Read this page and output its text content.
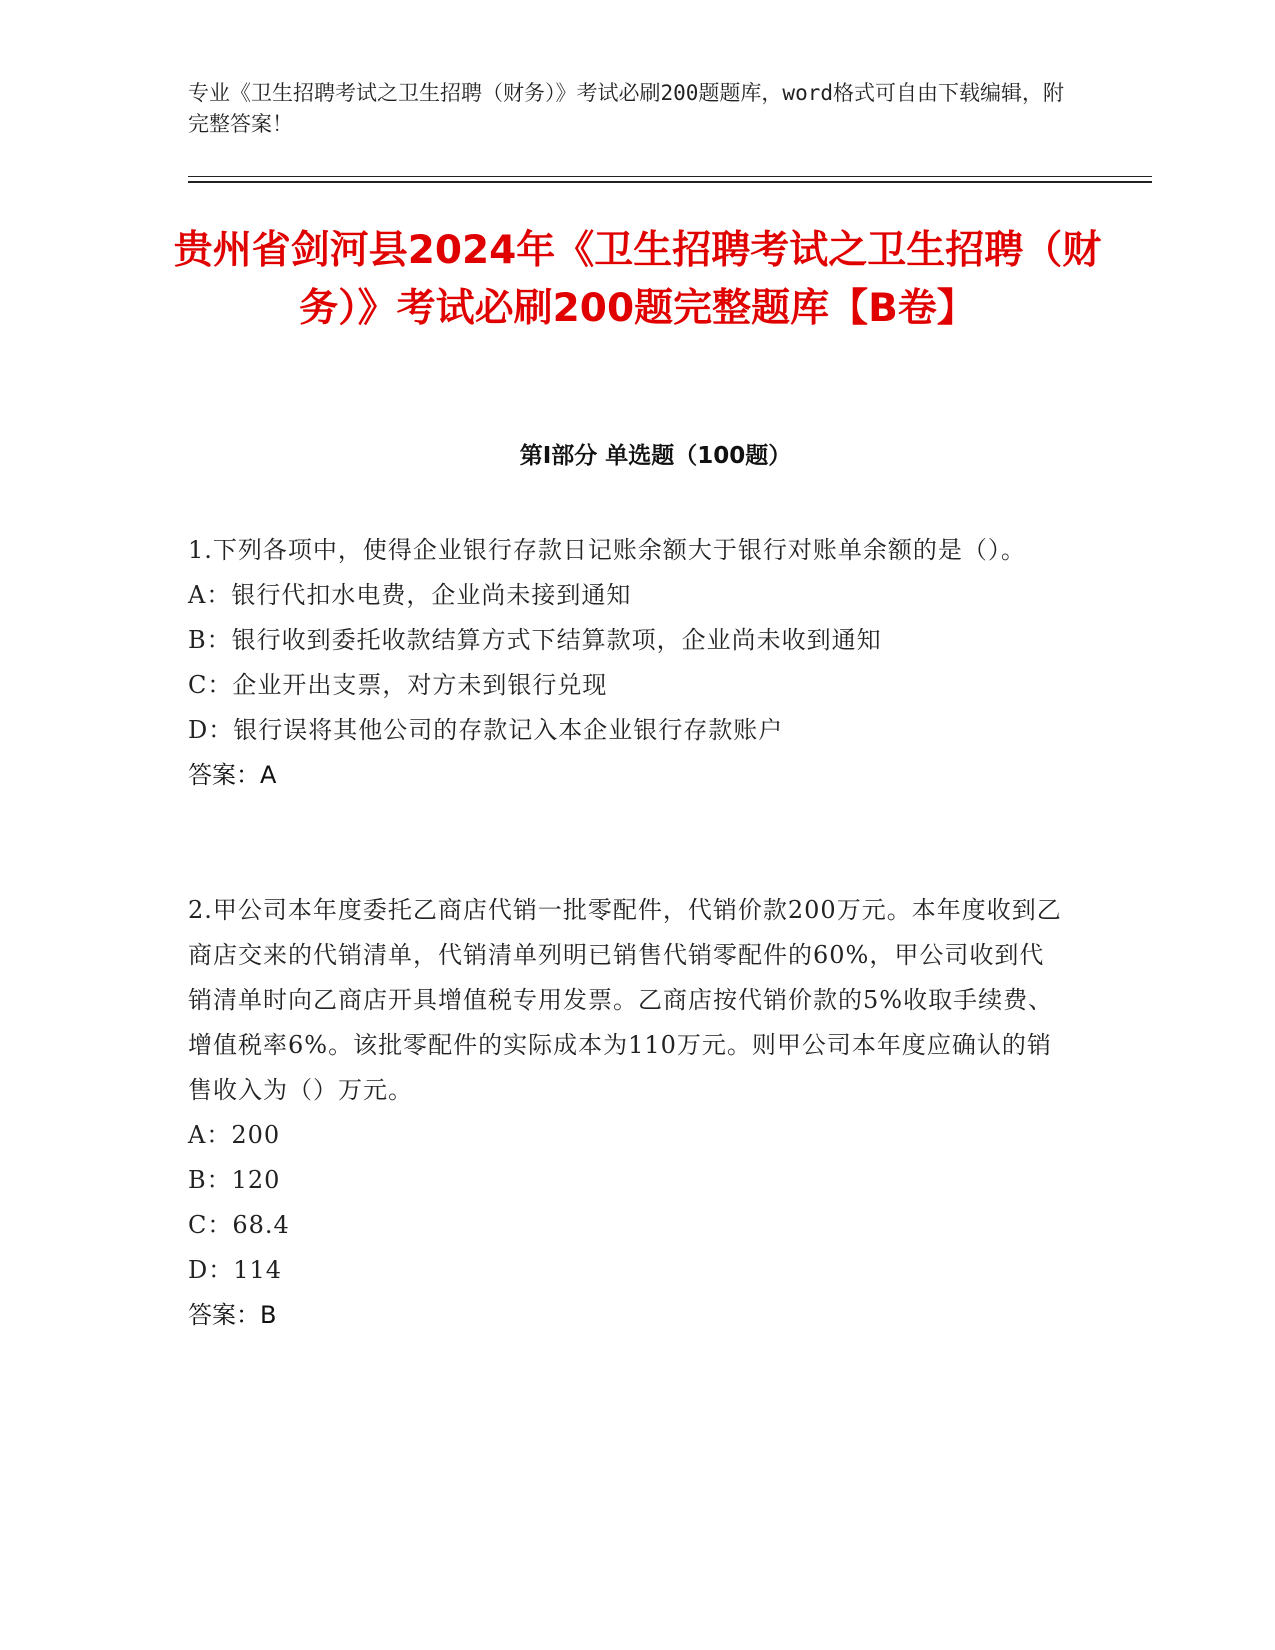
专业《卫生招聘考试之卫生招聘（财务）》考试必刷200题题库，word格式可自由下载编辑，附完整答案！
贵州省剑河县2024年《卫生招聘考试之卫生招聘（财务）》考试必刷200题完整题库【B卷】
第Ⅰ部分 单选题（100题）
1.下列各项中，使得企业银行存款日记账余额大于银行对账单余额的是（）。
A：银行代扣水电费，企业尚未接到通知
B：银行收到委托收款结算方式下结算款项，企业尚未收到通知
C：企业开出支票，对方未到银行兑现
D：银行误将其他公司的存款记入本企业银行存款账户
答案：A
2.甲公司本年度委托乙商店代销一批零配件，代销价款200万元。本年度收到乙商店交来的代销清单，代销清单列明已销售代销零配件的60%，甲公司收到代销清单时向乙商店开具增值税专用发票。乙商店按代销价款的5%收取手续费、增值税率6%。该批零配件的实际成本为110万元。则甲公司本年度应确认的销售收入为（）万元。
A：200
B：120
C：68.4
D：114
答案：B
